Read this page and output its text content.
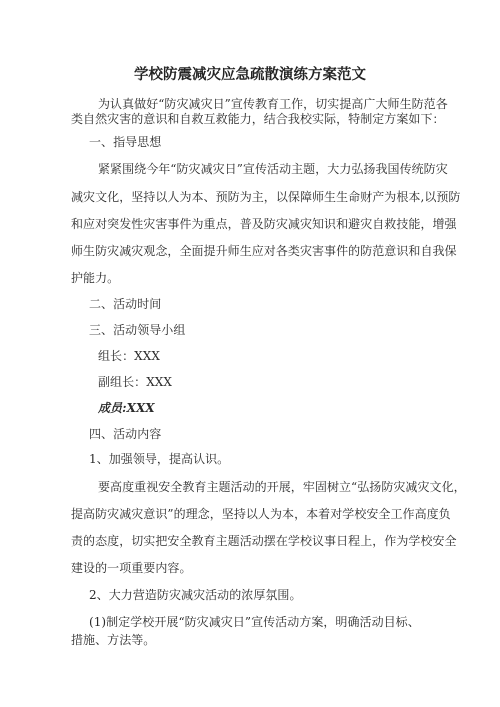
学校防震减灾应急疏散演练方案范文

为认真做好“防灾减灾日”宣传教育工作，切实提高广大师生防范各

类自然灾害的意识和自救互救能力，结合我校实际，特制定方案如下：

一、指导思想

紧紧围绕今年“防灾减灾日”宣传活动主题，大力弘扬我国传统防灾

减灾文化，坚持以人为本、预防为主，以保障师生生命财产为根本,以预防

和应对突发性灾害事件为重点，普及防灾减灾知识和避灾自救技能，增强

师生防灾减灾观念，全面提升师生应对各类灾害事件的防范意识和自我保

护能力。

二、活动时间

三、活动领导小组

组长：XXX

副组长：XXX

成员:XXX

四、活动内容

1、加强领导，提高认识。

要高度重视安全教育主题活动的开展，牢固树立“弘扬防灾减灾文化，

提高防灾减灾意识”的理念，坚持以人为本，本着对学校安全工作高度负

责的态度，切实把安全教育主题活动摆在学校议事日程上，作为学校安全

建设的一项重要内容。

2、大力营造防灾减灾活动的浓厚氛围。

(1)制定学校开展“防灾减灾日”宣传活动方案，明确活动目标、

措施、方法等。
